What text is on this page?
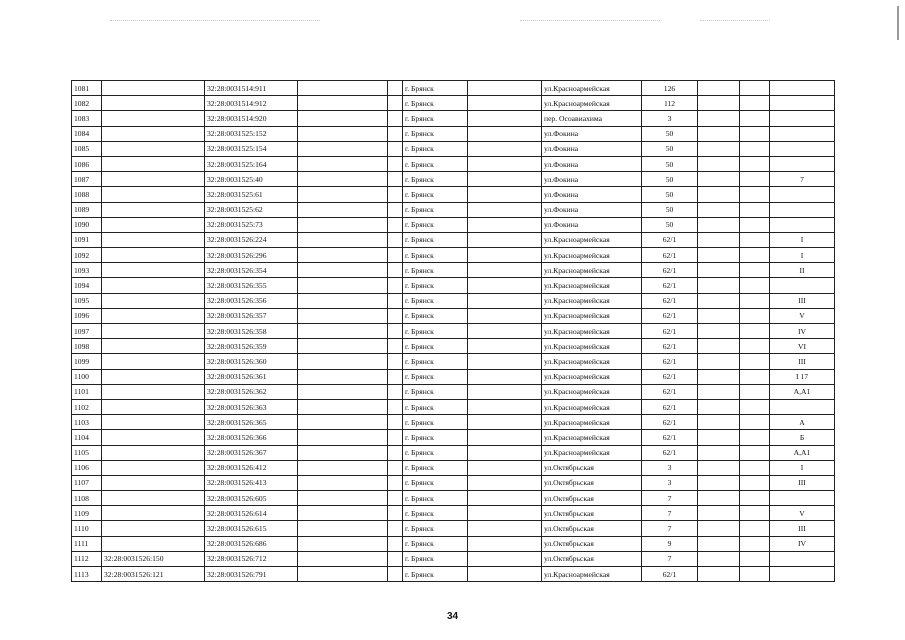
1081		32:28:0031514:911			г. Брянск		ул.Красноармейская	126			
1082		32:28:0031514:912			г. Брянск		ул.Красноармейская	112			
1083		32:28:0031514:920			г. Брянск		пер. Осоавиахима	3			
1084		32:28:0031525:152			г. Брянск		ул.Фокина	50			
1085		32:28:0031525:154			г. Брянск		ул.Фокина	50			
1086		32:28:0031525:164			г. Брянск		ул.Фокина	50			
1087		32:28:0031525:40			г. Брянск		ул.Фокина	50			7
1088		32:28:0031525:61			г. Брянск		ул.Фокина	50			
1089		32:28:0031525:62			г. Брянск		ул.Фокина	50			
1090		32:28:0031525:73			г. Брянск		ул.Фокина	50			
1091		32:28:0031526:224			г. Брянск		ул.Красноармейская	62/1			I
1092		32:28:0031526:296			г. Брянск		ул.Красноармейская	62/1			I
1093		32:28:0031526:354			г. Брянск		ул.Красноармейская	62/1			II
1094		32:28:0031526:355			г. Брянск		ул.Красноармейская	62/1			
1095		32:28:0031526:356			г. Брянск		ул.Красноармейская	62/1			III
1096		32:28:0031526:357			г. Брянск		ул.Красноармейская	62/1			V
1097		32:28:0031526:358			г. Брянск		ул.Красноармейская	62/1			IV
1098		32:28:0031526:359			г. Брянск		ул.Красноармейская	62/1			VI
1099		32:28:0031526:360			г. Брянск		ул.Красноармейская	62/1			III
1100		32:28:0031526:361			г. Брянск		ул.Красноармейская	62/1			I 17
1101		32:28:0031526:362			г. Брянск		ул.Красноармейская	62/1			А,А1
1102		32:28:0031526:363			г. Брянск		ул.Красноармейская	62/1			
1103		32:28:0031526:365			г. Брянск		ул.Красноармейская	62/1			А
1104		32:28:0031526:366			г. Брянск		ул.Красноармейская	62/1			Б
1105		32:28:0031526:367			г. Брянск		ул.Красноармейская	62/1			А,А1
1106		32:28:0031526:412			г. Брянск		ул.Октябрьская	3			I
1107		32:28:0031526:413			г. Брянск		ул.Октябрьская	3			III
1108		32:28:0031526:605			г. Брянск		ул.Октябрьская	7			
1109		32:28:0031526:614			г. Брянск		ул.Октябрьская	7			V
1110		32:28:0031526:615			г. Брянск		ул.Октябрьская	7			III
1111		32:28:0031526:686			г. Брянск		ул.Октябрьская	9			IV
1112	32:28:0031526:150	32:28:0031526:712			г. Брянск		ул.Октябрьская	7			
1113	32:28:0031526:121	32:28:0031526:791			г. Брянск		ул.Красноармейская	62/1			
34
